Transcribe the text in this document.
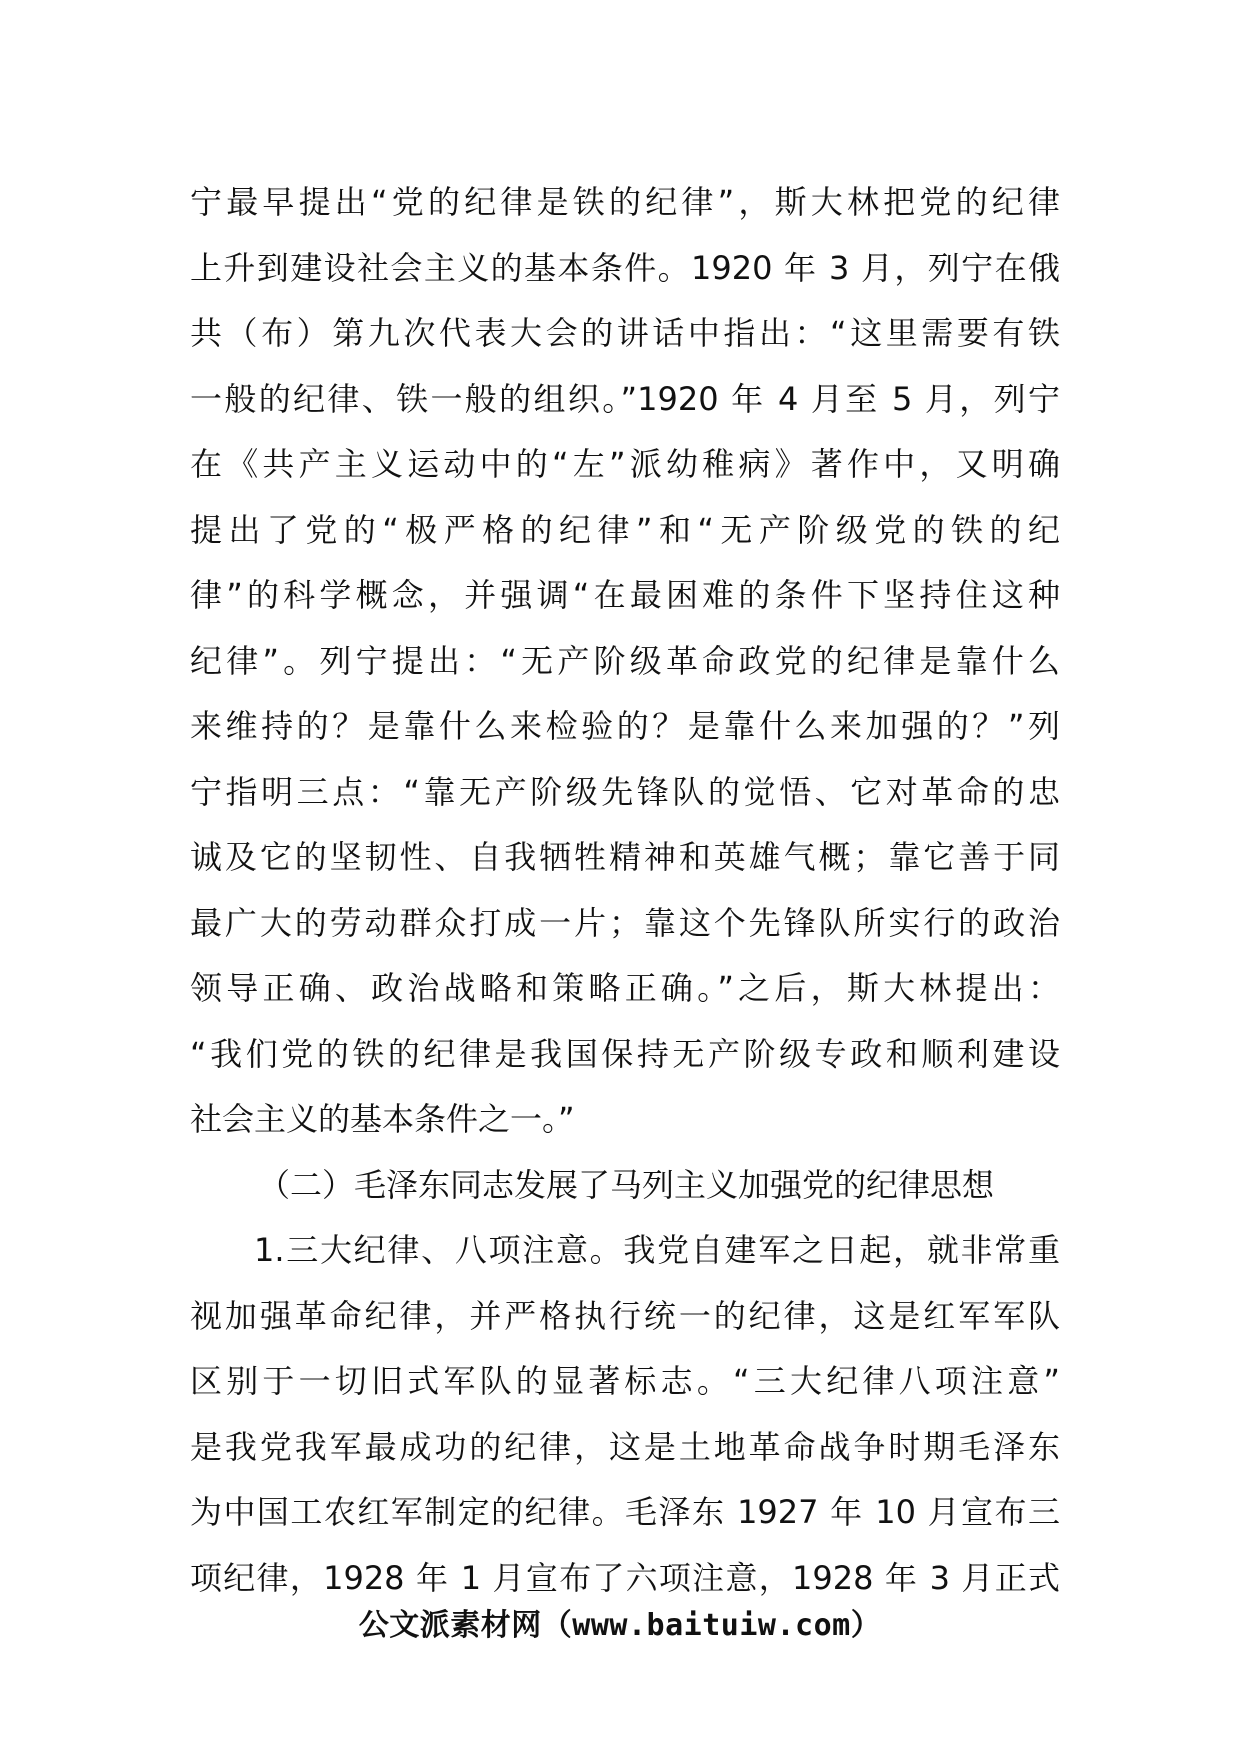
宁最早提出“党的纪律是铁的纪律”，斯大林把党的纪律
上升到建设社会主义的基本条件。1920 年 3 月，列宁在俄
共（布）第九次代表大会的讲话中指出：“这里需要有铁
一般的纪律、铁一般的组织。”1920 年 4 月至 5 月，列宁
在《共产主义运动中的“左”派幼稚病》著作中，又明确
提出了党的“极严格的纪律”和“无产阶级党的铁的纪
律”的科学概念，并强调“在最困难的条件下坚持住这种
纪律”。列宁提出：“无产阶级革命政党的纪律是靠什么
来维持的？是靠什么来检验的？是靠什么来加强的？”列
宁指明三点：“靠无产阶级先锋队的觉悟、它对革命的忠
诚及它的坚韧性、自我牺牲精神和英雄气概；靠它善于同
最广大的劳动群众打成一片；靠这个先锋队所实行的政治
领导正确、政治战略和策略正确。”之后，斯大林提出：
“我们党的铁的纪律是我国保持无产阶级专政和顺利建设
社会主义的基本条件之一。”
（二）毛泽东同志发展了马列主义加强党的纪律思想
1.三大纪律、八项注意。我党自建军之日起，就非常重
视加强革命纪律，并严格执行统一的纪律，这是红军军队
区别于一切旧式军队的显著标志。“三大纪律八项注意”
是我党我军最成功的纪律，这是土地革命战争时期毛泽东
为中国工农红军制定的纪律。毛泽东 1927 年 10 月宣布三
项纪律，1928 年 1 月宣布了六项注意，1928 年 3 月正式
公文派素材网（www.baituiw.com）
